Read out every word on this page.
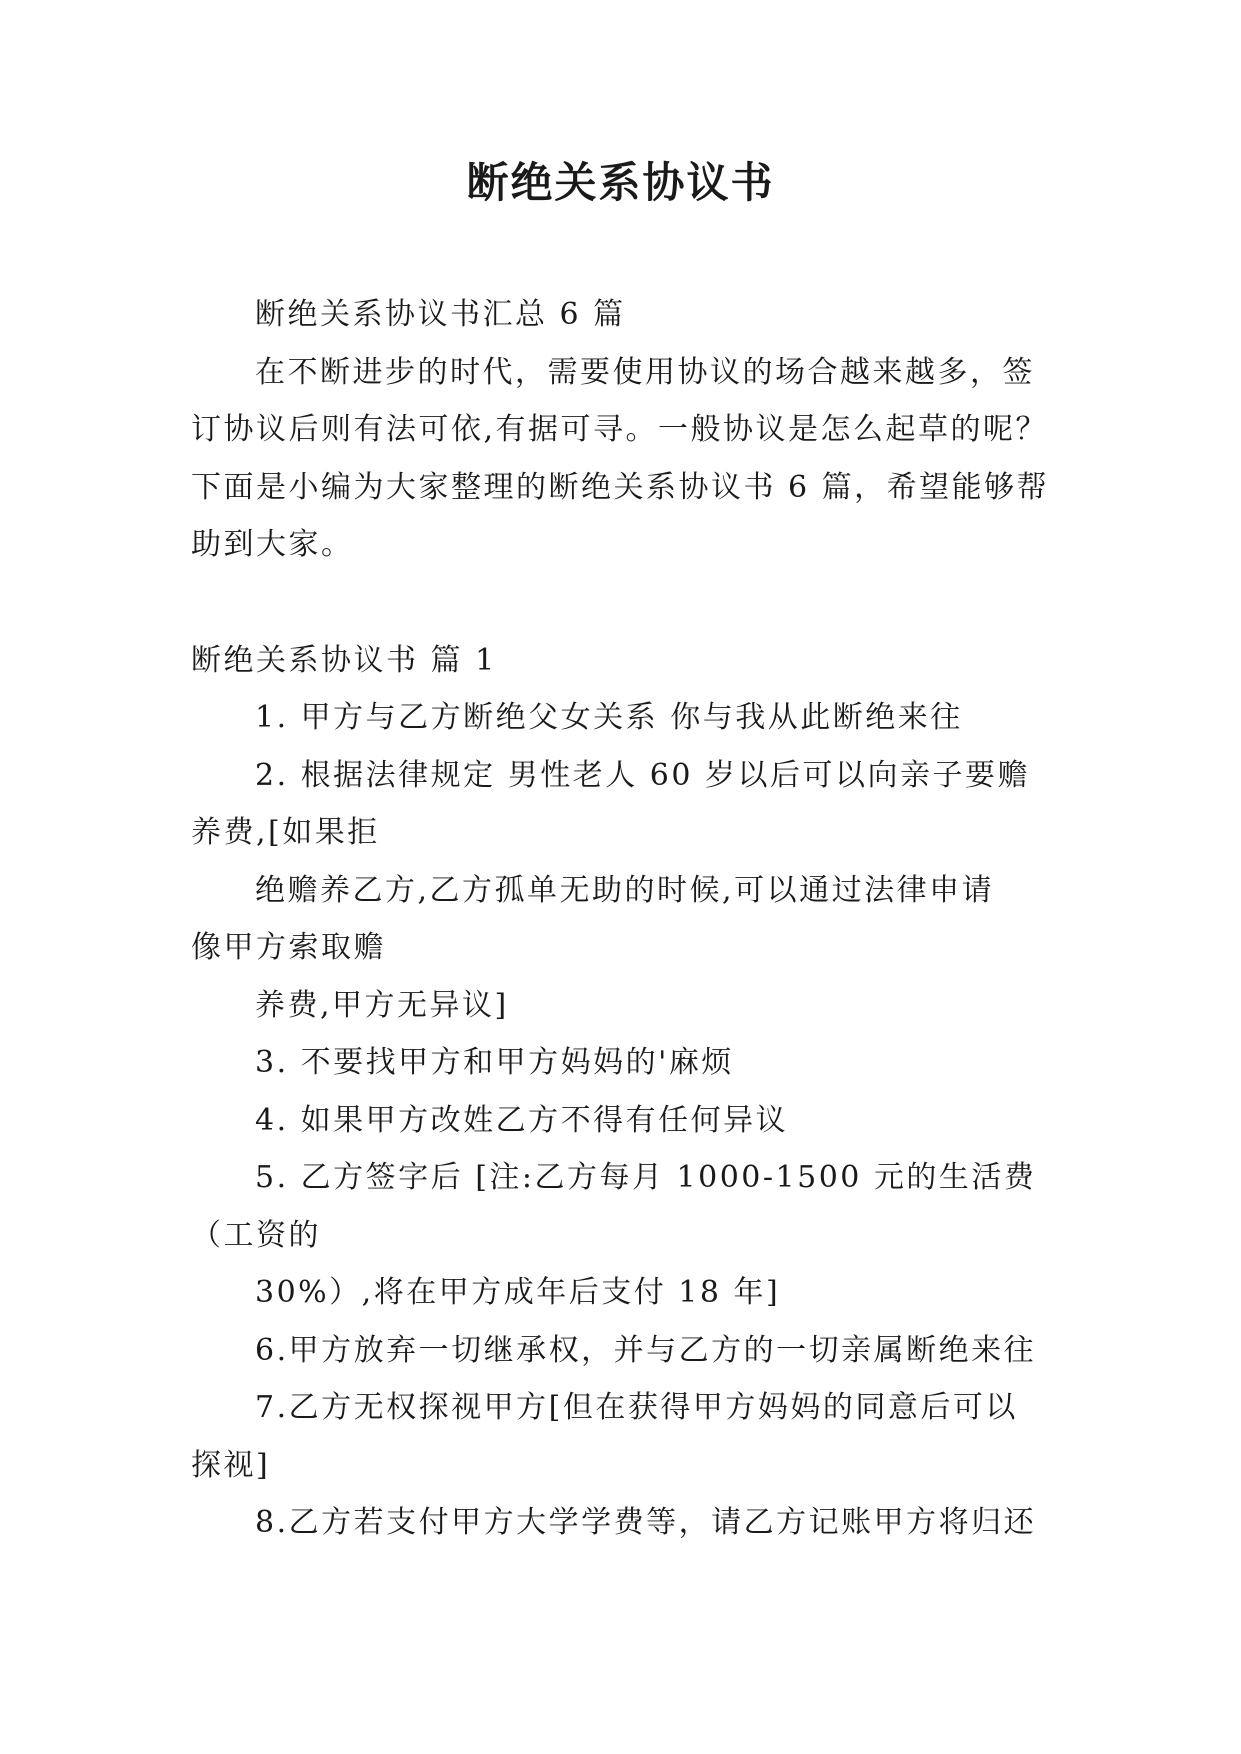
断绝关系协议书
断绝关系协议书汇总 6 篇
在不断进步的时代，需要使用协议的场合越来越多，签
订协议后则有法可依,有据可寻。一般协议是怎么起草的呢？
下面是小编为大家整理的断绝关系协议书 6 篇，希望能够帮
助到大家。
断绝关系协议书 篇 1
1. 甲方与乙方断绝父女关系 你与我从此断绝来往
2. 根据法律规定 男性老人 60 岁以后可以向亲子要赡
养费,[如果拒
绝赡养乙方,乙方孤单无助的时候,可以通过法律申请
像甲方索取赡
养费,甲方无异议]
3. 不要找甲方和甲方妈妈的'麻烦
4. 如果甲方改姓乙方不得有任何异议
5. 乙方签字后 [注:乙方每月 1000-1500 元的生活费
（工资的
30%）,将在甲方成年后支付 18 年]
6.甲方放弃一切继承权，并与乙方的一切亲属断绝来往
7.乙方无权探视甲方[但在获得甲方妈妈的同意后可以
探视]
8.乙方若支付甲方大学学费等，请乙方记账甲方将归还
